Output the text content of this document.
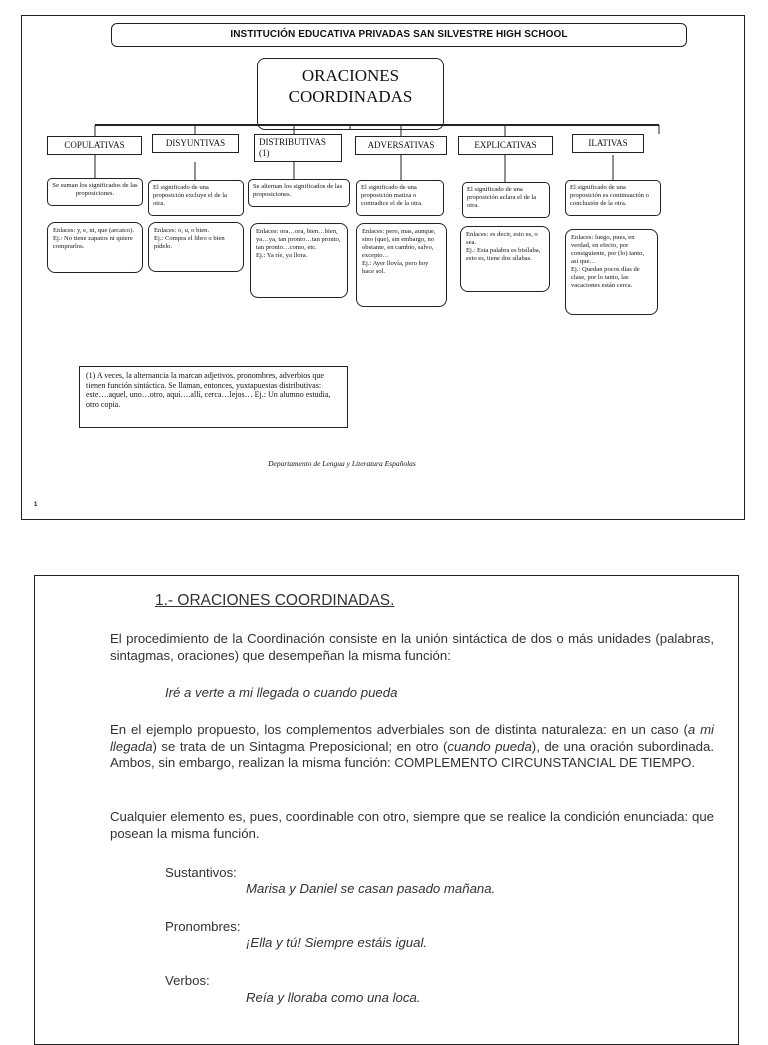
INSTITUCIÓN EDUCATIVA PRIVADAS SAN SILVESTRE HIGH SCHOOL
ORACIONES
COORDINADAS
COPULATIVAS	DISYUNTIVAS	DISTRIBUTIVAS
(1)
ADVERSATIVAS	EXPLICATIVAS	ILATIVAS
Se suman los significados de las proposiciones.
El significado de una proposición excluye el de la otra.
Se alternan los significados de las proposiciones.
El significado de una proposición matiza o contradice el de la otra.
El significado de una proposición aclara el de la otra.
El significado de una proposición es continuación o conclusión de la otra.
Enlaces: y, e, ni, que (arcaico).
Ej.: No tiene zapatos ni quiere comprarlos.
Enlaces: o, u, o bien.
Ej.: Compra el libro o bien pídelo.
Enlaces: ora…ora, bien…bien, ya…ya, tan pronto…tan pronto, tan pronto…como, etc.
Ej.: Ya ríe, ya llora.
Enlaces: pero, mas, aunque, sino (que), sin embargo, no obstante, en cambio, salvo, excepto…
Ej.: Ayer llovía, pero hoy hace sol.
Enlaces: es decir, esto es, o sea.
Ej.: Esta palabra es bisílaba, esto es, tiene dos sílabas.
Enlaces: luego, pues, en verdad, en efecto, por consiguiente, por (lo) tanto, así que…
Ej.: Quedan pocos días de clase, por lo tanto, las vacaciones están cerca.
(1) A veces, la alternancia la marcan adjetivos, pronombres, adverbios que tienen función sintáctica. Se llaman, entonces, yuxtapuestas distributivas: este….aquel, uno…otro, aquí….allí, cerca…lejos… Ej.: Un alumno estudia, otro copia.
Departamento de Lengua y Literatura Españolas
1
1.- ORACIONES COORDINADAS.

El procedimiento de la Coordinación consiste en la unión sintáctica de dos o más unidades (palabras, sintagmas, oraciones) que desempeñan la misma función:

Iré a verte a mi llegada o cuando pueda

En el ejemplo propuesto, los complementos adverbiales son de distinta naturaleza: en un caso (a mi llegada) se trata de un Sintagma Preposicional; en otro (cuando pueda), de una oración subordinada. Ambos, sin embargo, realizan la misma función: COMPLEMENTO CIRCUNSTANCIAL DE TIEMPO.

Cualquier elemento es, pues, coordinable con otro, siempre que se realice la condición enunciada: que posean la misma función.

Sustantivos:
Marisa y Daniel se casan pasado mañana.
Pronombres:
¡Ella y tú! Siempre estáis igual.
Verbos:
Reía y lloraba como una loca.
